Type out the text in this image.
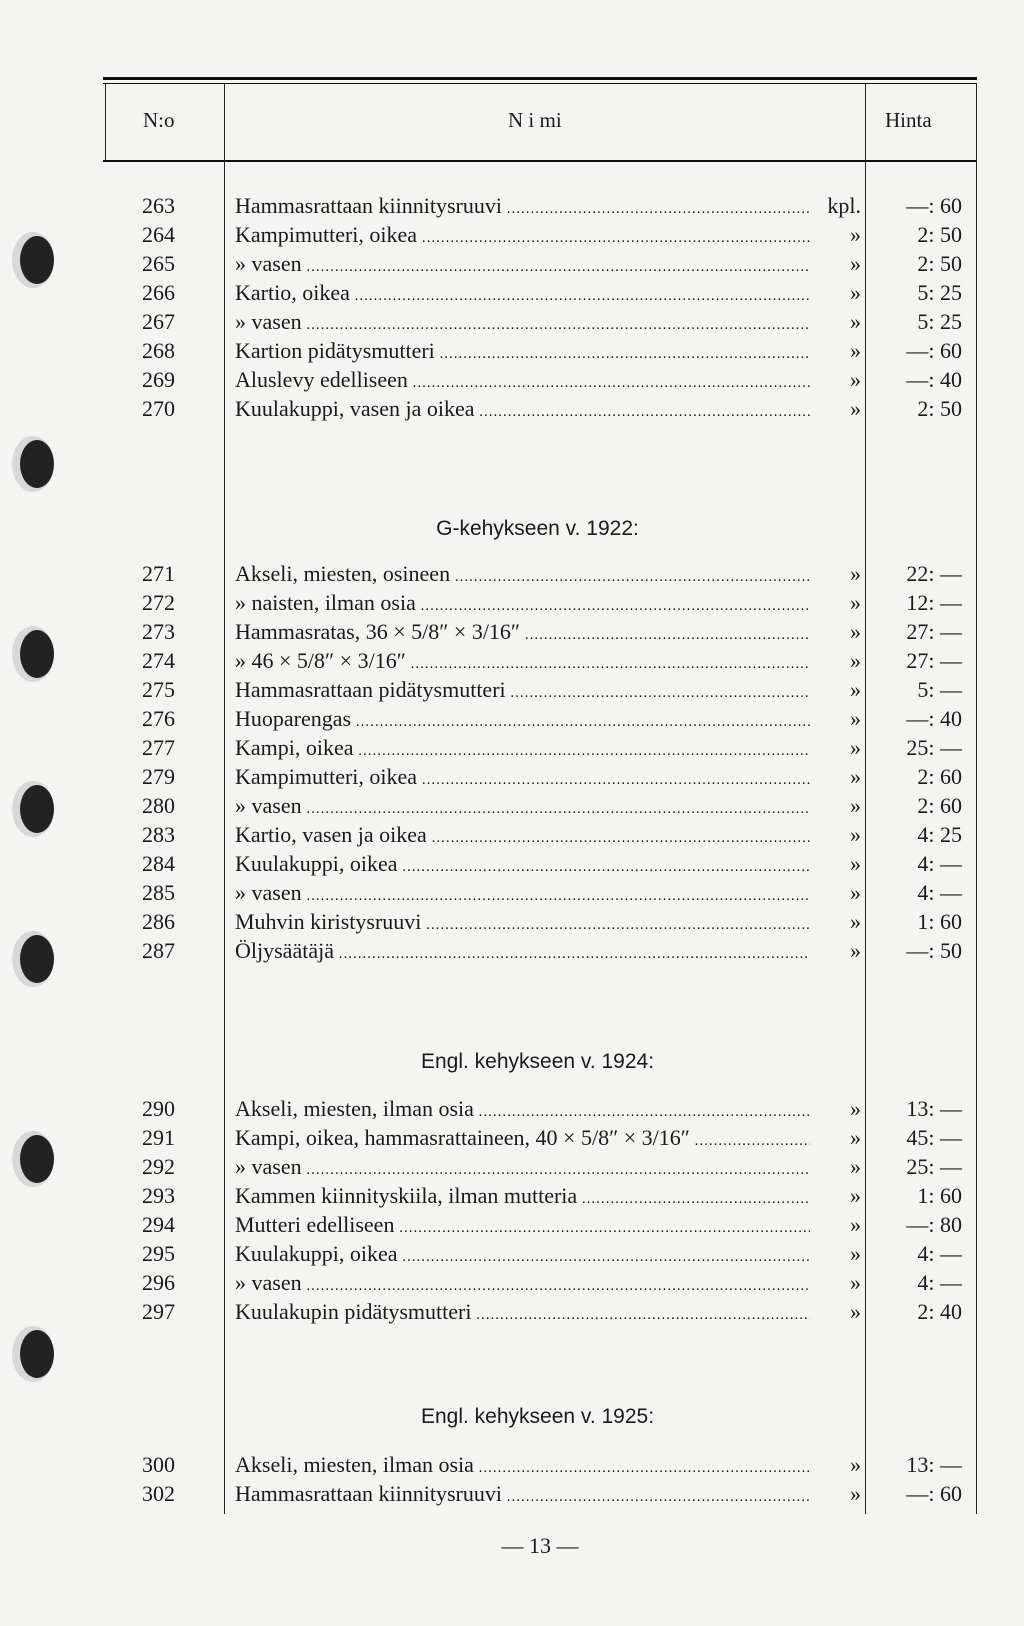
N:o	N i mi	Hinta
263	Hammasrattaan kiinnitysruuvi .....	kpl.	—: 60
264	Kampimutteri, oikea .....	»	2: 50
265	» vasen .....	»	2: 50
266	Kartio, oikea .....	»	5: 25
267	» vasen .....	»	5: 25
268	Kartion pidätysmutteri .....	»	—: 60
269	Aluslevy edelliseen .....	»	—: 40
270	Kuulakuppi, vasen ja oikea .....	»	2: 50
G-kehykseen v. 1922:
271	Akseli, miesten, osineen .....	»	22: —
272	» naisten, ilman osia .....	»	12: —
273	Hammasratas, 36 × 5/8″ × 3/16″ .....	»	27: —
274	» 46 × 5/8″ × 3/16″ .....	»	27: —
275	Hammasrattaan pidätysmutteri .....	»	5: —
276	Huoparengas .....	»	—: 40
277	Kampi, oikea .....	»	25: —
279	Kampimutteri, oikea .....	»	2: 60
280	» vasen .....	»	2: 60
283	Kartio, vasen ja oikea .....	»	4: 25
284	Kuulakuppi, oikea .....	»	4: —
285	» vasen .....	»	4: —
286	Muhvin kiristysruuvi .....	»	1: 60
287	Öljysäätäjä .....	»	—: 50
Engl. kehykseen v. 1924:
290	Akseli, miesten, ilman osia .....	»	13: —
291	Kampi, oikea, hammasrattaineen, 40 × 5/8″ × 3/16″ .....	»	45: —
292	» vasen .....	»	25: —
293	Kammen kiinnityskiila, ilman mutteria .....	»	1: 60
294	Mutteri edelliseen .....	»	—: 80
295	Kuulakuppi, oikea .....	»	4: —
296	» vasen .....	»	4: —
297	Kuulakupin pidätysmutteri .....	»	2: 40
Engl. kehykseen v. 1925:
300	Akseli, miesten, ilman osia .....	»	13: —
302	Hammasrattaan kiinnitysruuvi .....	»	—: 60
— 13 —
